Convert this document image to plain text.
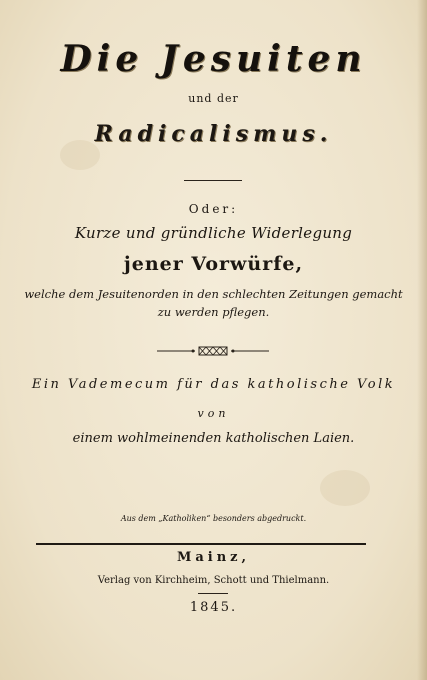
Die Jesuiten
und der
Radicalismus.
Oder:
Kurze und gründliche Widerlegung
jener Vorwürfe,
welche dem Jesuitenorden in den schlechten Zeitungen gemacht
zu werden pflegen.
Ein Vademecum für das katholische Volk
von
einem wohlmeinenden katholischen Laien.
Aus dem „Katholiken“ besonders abgedruckt.
Mainz,
Verlag von Kirchheim, Schott und Thielmann.
1845.
